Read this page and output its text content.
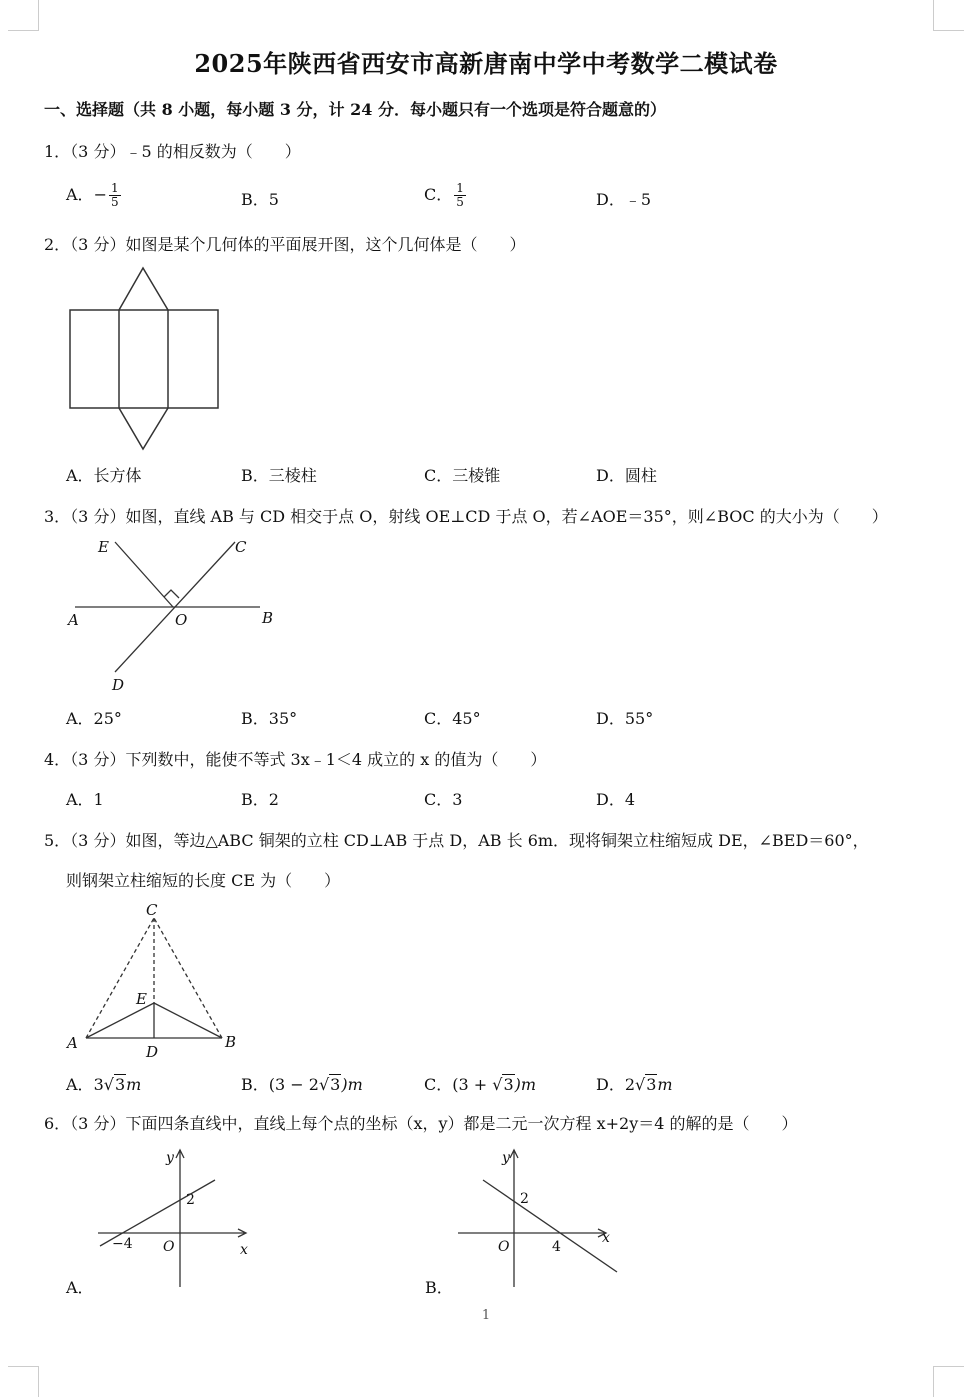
2025年陕西省西安市高新唐南中学中考数学二模试卷
一、选择题（共 8 小题，每小题 3 分，计 24 分．每小题只有一个选项是符合题意的）
1．（3 分）﹣5 的相反数为（　　）
A．− $\frac{1}{5}$	B．5	C． $\frac{1}{5}$	D．﹣5
2．（3 分）如图是某个几何体的平面展开图，这个几何体是（　　）
A．长方体	B．三棱柱	C．三棱锥	D．圆柱
3．（3 分）如图，直线 AB 与 CD 相交于点 O，射线 OE⊥CD 于点 O，若∠AOE＝35°，则∠BOC 的大小为（　　）
E	C
A	O	B
D
A．25°	B．35°	C．45°	D．55°
4．（3 分）下列数中，能使不等式 3x﹣1＜4 成立的 x 的值为（　　）
A．1	B．2	C．3	D．4
5．（3 分）如图，等边△ABC 铜架的立柱 CD⊥AB 于点 D，AB 长 6m．现将铜架立柱缩短成 DE，∠BED＝60°，
则钢架立柱缩短的长度 CE 为（　　）
C
E
A	D
B
A．3√3m	B．(3 − 2√3)m	C．(3 + √3)m	D．2√3m
6．（3 分）下面四条直线中，直线上每个点的坐标（x，y）都是二元一次方程 x+2y＝4 的解的是（　　）
A．
y
x
O
2
−4
B．
y
x
O
2
4
1
